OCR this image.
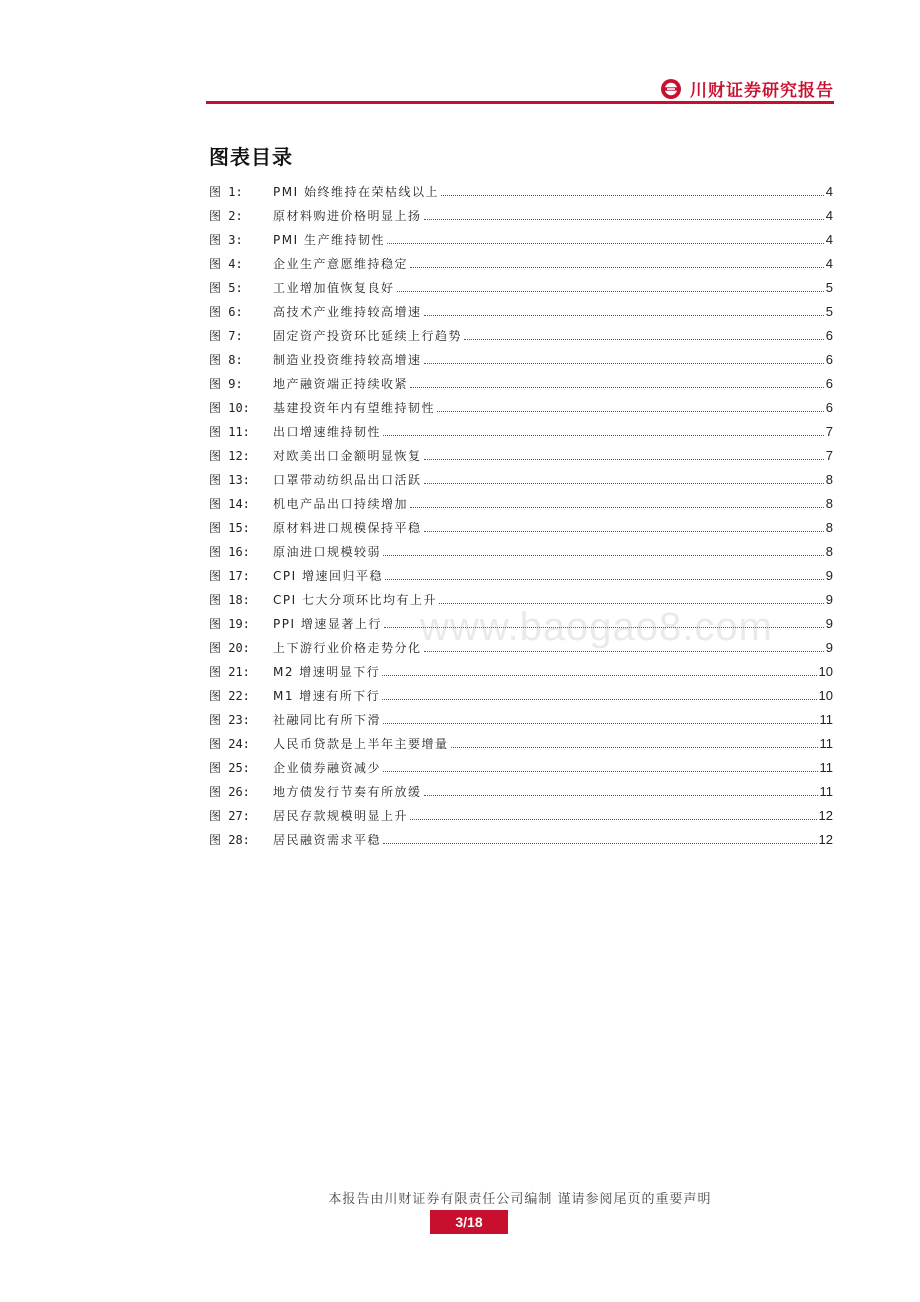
川财证券研究报告
图表目录
图 1:	PMI 始终维持在荣枯线以上	4
图 2:	原材料购进价格明显上扬	4
图 3:	PMI 生产维持韧性	4
图 4:	企业生产意愿维持稳定	4
图 5:	工业增加值恢复良好	5
图 6:	高技术产业维持较高增速	5
图 7:	固定资产投资环比延续上行趋势	6
图 8:	制造业投资维持较高增速	6
图 9:	地产融资端正持续收紧	6
图 10:	基建投资年内有望维持韧性	6
图 11:	出口增速维持韧性	7
图 12:	对欧美出口金额明显恢复	7
图 13:	口罩带动纺织品出口活跃	8
图 14:	机电产品出口持续增加	8
图 15:	原材料进口规模保持平稳	8
图 16:	原油进口规模较弱	8
图 17:	CPI 增速回归平稳	9
图 18:	CPI 七大分项环比均有上升	9
图 19:	PPI 增速显著上行	9
图 20:	上下游行业价格走势分化	9
图 21:	M2 增速明显下行	10
图 22:	M1 增速有所下行	10
图 23:	社融同比有所下滑	11
图 24:	人民币贷款是上半年主要增量	11
图 25:	企业债券融资减少	11
图 26:	地方债发行节奏有所放缓	11
图 27:	居民存款规模明显上升	12
图 28:	居民融资需求平稳	12
www.baogao8.com
本报告由川财证券有限责任公司编制 谨请参阅尾页的重要声明
3/18
